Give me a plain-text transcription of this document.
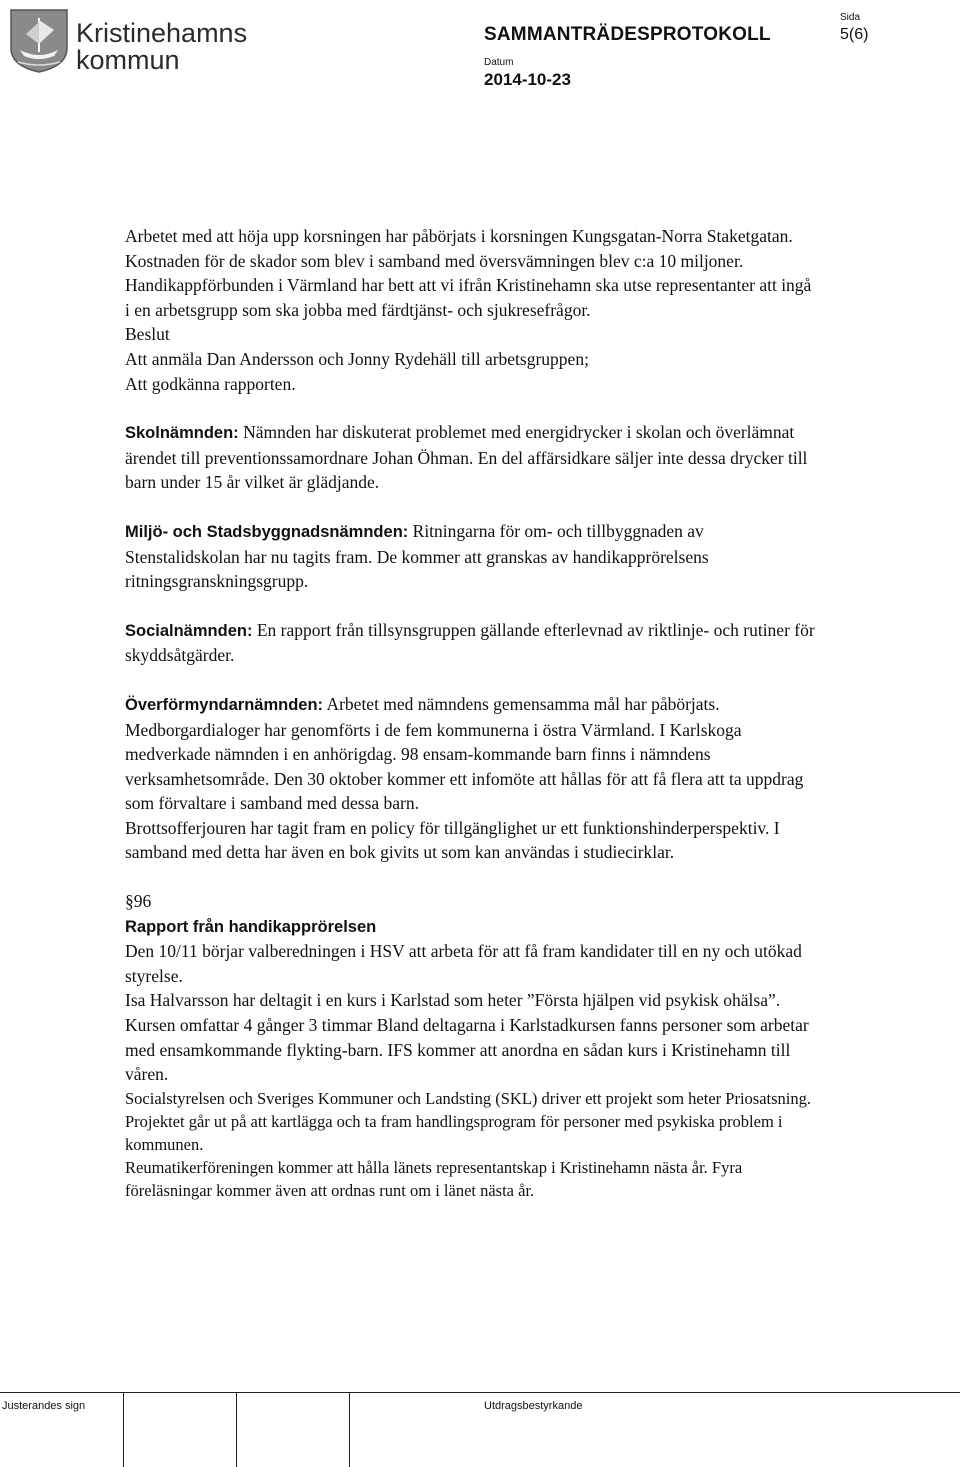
Kristinehamns
kommun
SAMMANTRÄDESPROTOKOLL
Datum
2014-10-23
Sida
5(6)

Arbetet med att höja upp korsningen har påbörjats i korsningen Kungsgatan-Norra Staketgatan. Kostnaden för de skador som blev i samband med översvämningen blev c:a 10 miljoner.

Handikappförbunden i Värmland har bett att vi ifrån Kristinehamn ska utse representanter att ingå i en arbetsgrupp som ska jobba med färdtjänst- och sjukresefrågor.

Beslut

Att anmäla Dan Andersson och Jonny Rydehäll till arbetsgruppen;

Att godkänna rapporten.

Skolnämnden: Nämnden har diskuterat problemet med energidrycker i skolan och överlämnat ärendet till preventionssamordnare Johan Öhman. En del affärsidkare säljer inte dessa drycker till barn under 15 år vilket är glädjande.

Miljö- och Stadsbyggnadsnämnden: Ritningarna för om- och tillbyggnaden av Stenstalidskolan har nu tagits fram. De kommer att granskas av handikapprörelsens ritningsgranskningsgrupp.

Socialnämnden: En rapport från tillsynsgruppen gällande efterlevnad av riktlinje- och rutiner för skyddsåtgärder.

Överförmyndarnämnden: Arbetet med nämndens gemensamma mål har påbörjats. Medborgardialoger har genomförts i de fem kommunerna i östra Värmland. I Karlskoga medverkade nämnden i en anhörigdag. 98 ensam-kommande barn finns i nämndens verksamhetsområde. Den 30 oktober kommer ett infomöte att hållas för att få flera att ta uppdrag som förvaltare i samband med dessa barn.

Brottsofferjouren har tagit fram en policy för tillgänglighet ur ett funktionshinderperspektiv. I samband med detta har även en bok givits ut som kan användas i studiecirklar.

§96

Rapport från handikapprörelsen

Den 10/11 börjar valberedningen i HSV att arbeta för att få fram kandidater till en ny och utökad styrelse.

Isa Halvarsson har deltagit i en kurs i Karlstad som heter ”Första hjälpen vid psykisk ohälsa”. Kursen omfattar 4 gånger 3 timmar Bland deltagarna i Karlstadkursen fanns personer som arbetar med ensamkommande flykting-barn. IFS kommer att anordna en sådan kurs i Kristinehamn till våren.

Socialstyrelsen och Sveriges Kommuner och Landsting (SKL) driver ett projekt som heter Priosatsning. Projektet går ut på att kartlägga och ta fram handlingsprogram för personer med psykiska problem i kommunen.

Reumatikerföreningen kommer att hålla länets representantskap i Kristinehamn nästa år. Fyra föreläsningar kommer även att ordnas runt om i länet nästa år.

Justerandes sign	Utdragsbestyrkande
